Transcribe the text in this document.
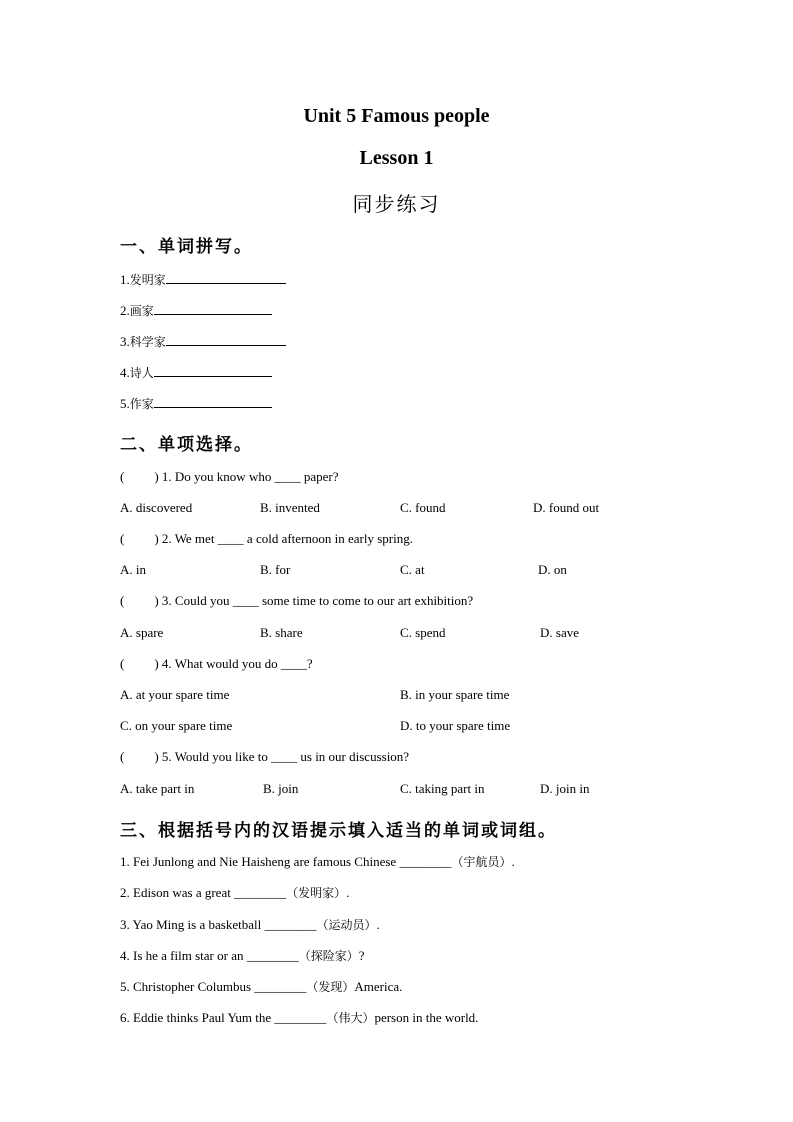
Unit 5 Famous people
Lesson 1
同步练习
一、单词拼写。
1.发明家
2.画家
3.科学家
4.诗人
5.作家
二、单项选择。
( ) 1. Do you know who ____ paper?
A. discovered	B. invented	C. found	D. found out
( ) 2. We met ____ a cold afternoon in early spring.
A. in	B. for	C. at	D. on
( ) 3. Could you ____ some time to come to our art exhibition?
A. spare	B. share	C. spend	D. save
( ) 4. What would you do ____?
A. at your spare time	B. in your spare time
C. on your spare time	D. to your spare time
( ) 5. Would you like to ____ us in our discussion?
A. take part in	B. join	C. taking part in	D. join in
三、根据括号内的汉语提示填入适当的单词或词组。
1. Fei Junlong and Nie Haisheng are famous Chinese ________（宇航员）.
2. Edison was a great ________（发明家）.
3. Yao Ming is a basketball ________（运动员）.
4. Is he a film star or an ________（探险家）?
5. Christopher Columbus ________（发现）America.
6. Eddie thinks Paul Yum the ________（伟大）person in the world.
